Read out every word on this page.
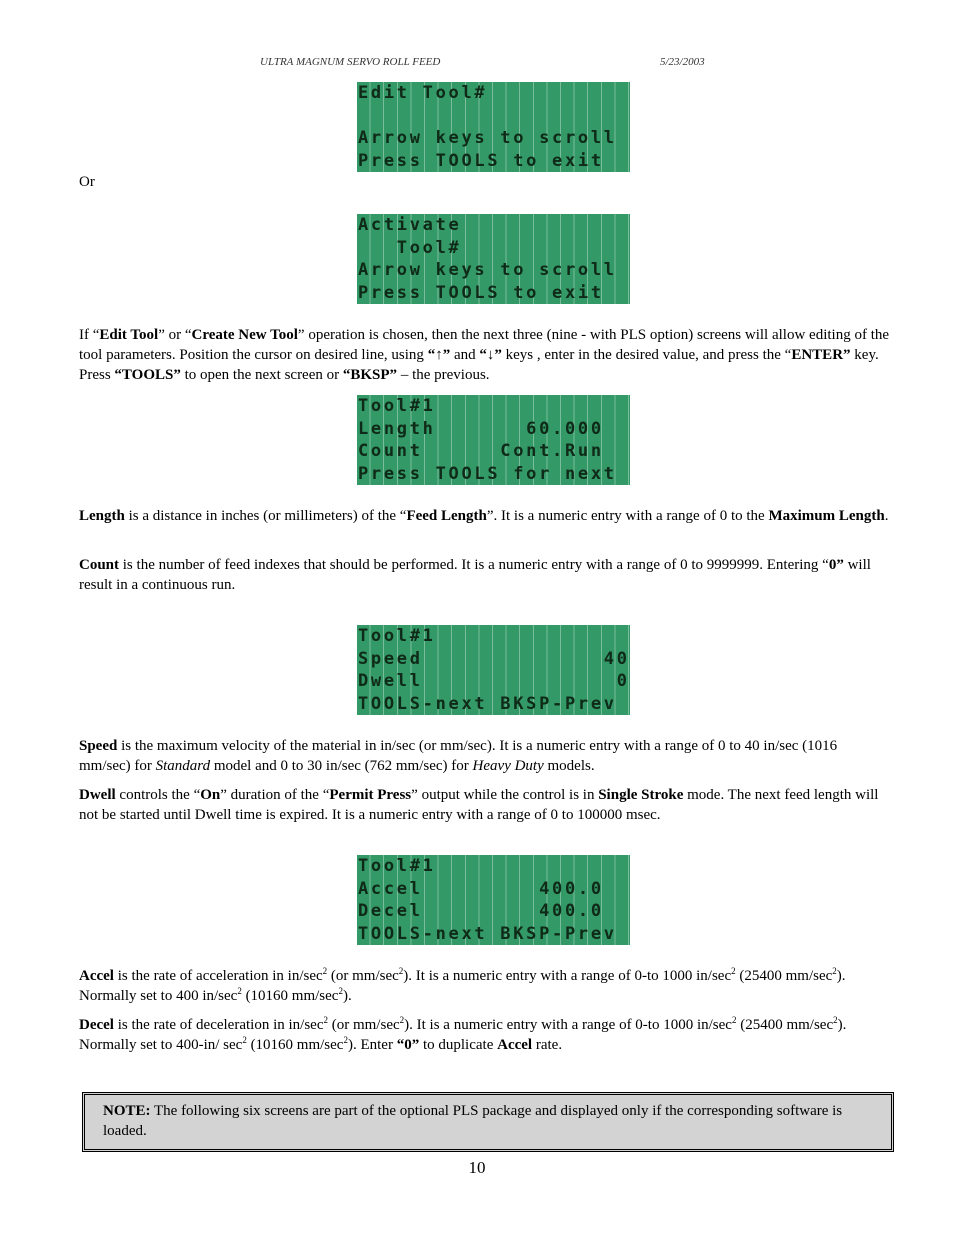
ULTRA MAGNUM SERVO ROLL FEED	5/23/2003
Edit Tool#
Arrow keys to scroll
Press TOOLS to exit
Or
Activate
Tool#
Arrow keys to scroll
Press TOOLS to exit
If “Edit Tool” or “Create New Tool” operation is chosen, then the next three (nine - with PLS option) screens will allow editing of the tool parameters. Position the cursor on desired line, using “↑” and “↓” keys , enter in the desired value, and press the “ENTER” key. Press “TOOLS” to open the next screen or “BKSP” – the previous.
Tool#1
Length       60.000
Count      Cont.Run
Press TOOLS for next
Length is a distance in inches (or millimeters) of the “Feed Length”. It is a numeric entry with a range of 0 to the Maximum Length.
Count is the number of feed indexes that should be performed. It is a numeric entry with a range of 0 to 9999999. Entering “0” will result in a continuous run.
Tool#1
Speed              40
Dwell               0
TOOLS-next BKSP-Prev
Speed is the maximum velocity of the material in in/sec (or mm/sec). It is a numeric entry with a range of 0 to 40 in/sec (1016 mm/sec) for Standard model and 0 to 30 in/sec (762 mm/sec) for Heavy Duty models.
Dwell controls the “On” duration of the “Permit Press” output while the control is in Single Stroke mode. The next feed length will not be started until Dwell time is expired. It is a numeric entry with a range of 0 to 100000 msec.
Tool#1
Accel         400.0
Decel         400.0
TOOLS-next BKSP-Prev
Accel is the rate of acceleration in $in/\sec^2$ (or $mm/\sec^2$). It is a numeric entry with a range of 0-to 1000 $in/\sec^2$ (25400 $mm/\sec^2$). Normally set to 400 $in/\sec^2$ (10160 $mm/\sec^2$).
Decel is the rate of deceleration in $in/\sec^2$ (or $mm/\sec^2$). It is a numeric entry with a range of 0-to 1000 $in/\sec^2$ (25400 $mm/\sec^2$). Normally set to 400-in/ $\sec^2 (10160$ $mm/\sec^2$). Enter “0” to duplicate Accel rate.
NOTE: The following six screens are part of the optional PLS package and displayed only if the corresponding software is loaded.
10
